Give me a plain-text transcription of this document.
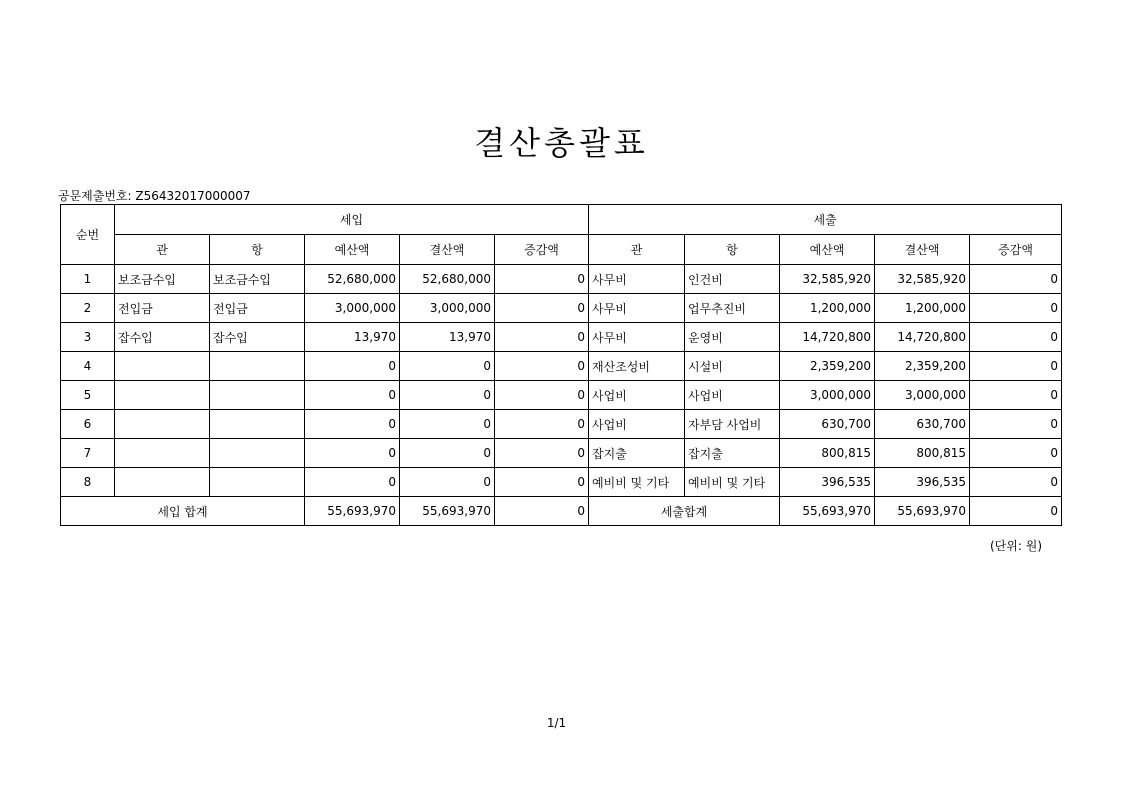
결산총괄표
공문제출번호: Z56432017000007
순번	세입					세출				
	관	항	예산액	결산액	증감액	관	항	예산액	결산액	증감액
1	보조금수입	보조금수입	52,680,000	52,680,000	0	사무비	인건비	32,585,920	32,585,920	0
2	전입금	전입금	3,000,000	3,000,000	0	사무비	업무추진비	1,200,000	1,200,000	0
3	잡수입	잡수입	13,970	13,970	0	사무비	운영비	14,720,800	14,720,800	0
4			0	0	0	재산조성비	시설비	2,359,200	2,359,200	0
5			0	0	0	사업비	사업비	3,000,000	3,000,000	0
6			0	0	0	사업비	자부담 사업비	630,700	630,700	0
7			0	0	0	잡지출	잡지출	800,815	800,815	0
8			0	0	0	예비비 및 기타	예비비 및 기타	396,535	396,535	0
세입 합계			55,693,970	55,693,970	0	세출합계		55,693,970	55,693,970	0
(단위: 원)
1/1
